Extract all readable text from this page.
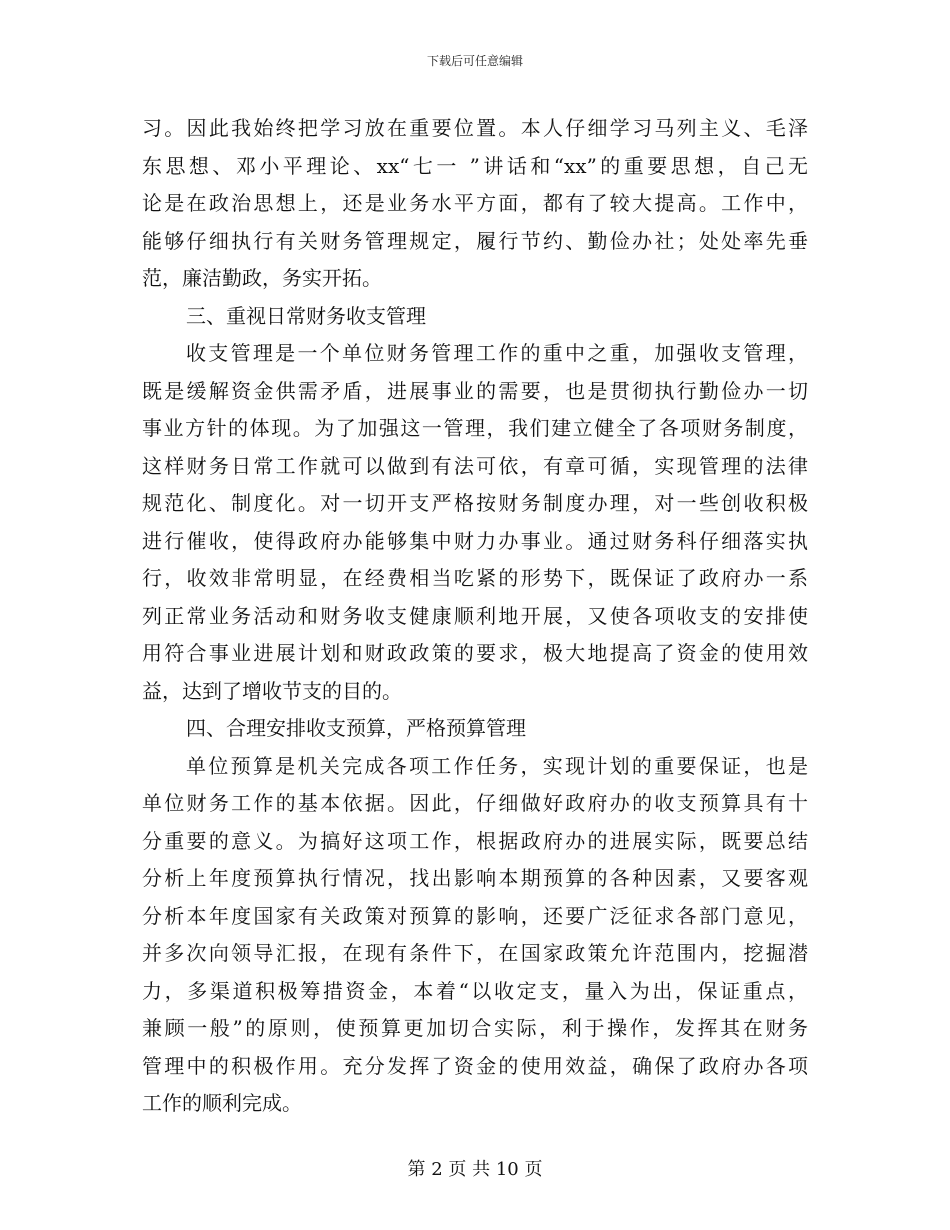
下载后可任意编辑
习。因此我始终把学习放在重要位置。本人仔细学习马列主义、毛泽
东思想、邓小平理论、xx“七一 ”讲话和“xx”的重要思想，自己无
论是在政治思想上，还是业务水平方面，都有了较大提高。工作中，
能够仔细执行有关财务管理规定，履行节约、勤俭办社；处处率先垂
范，廉洁勤政，务实开拓。
三、重视日常财务收支管理
收支管理是一个单位财务管理工作的重中之重，加强收支管理，
既是缓解资金供需矛盾，进展事业的需要，也是贯彻执行勤俭办一切
事业方针的体现。为了加强这一管理，我们建立健全了各项财务制度，
这样财务日常工作就可以做到有法可依，有章可循，实现管理的法律
规范化、制度化。对一切开支严格按财务制度办理，对一些创收积极
进行催收，使得政府办能够集中财力办事业。通过财务科仔细落实执
行，收效非常明显，在经费相当吃紧的形势下，既保证了政府办一系
列正常业务活动和财务收支健康顺利地开展，又使各项收支的安排使
用符合事业进展计划和财政政策的要求，极大地提高了资金的使用效
益，达到了增收节支的目的。
四、合理安排收支预算，严格预算管理
单位预算是机关完成各项工作任务，实现计划的重要保证，也是
单位财务工作的基本依据。因此，仔细做好政府办的收支预算具有十
分重要的意义。为搞好这项工作，根据政府办的进展实际，既要总结
分析上年度预算执行情况，找出影响本期预算的各种因素，又要客观
分析本年度国家有关政策对预算的影响，还要广泛征求各部门意见，
并多次向领导汇报，在现有条件下，在国家政策允许范围内，挖掘潜
力，多渠道积极筹措资金，本着“以收定支，量入为出，保证重点，
兼顾一般”的原则，使预算更加切合实际，利于操作，发挥其在财务
管理中的积极作用。充分发挥了资金的使用效益，确保了政府办各项
工作的顺利完成。
第 2 页 共 10 页
